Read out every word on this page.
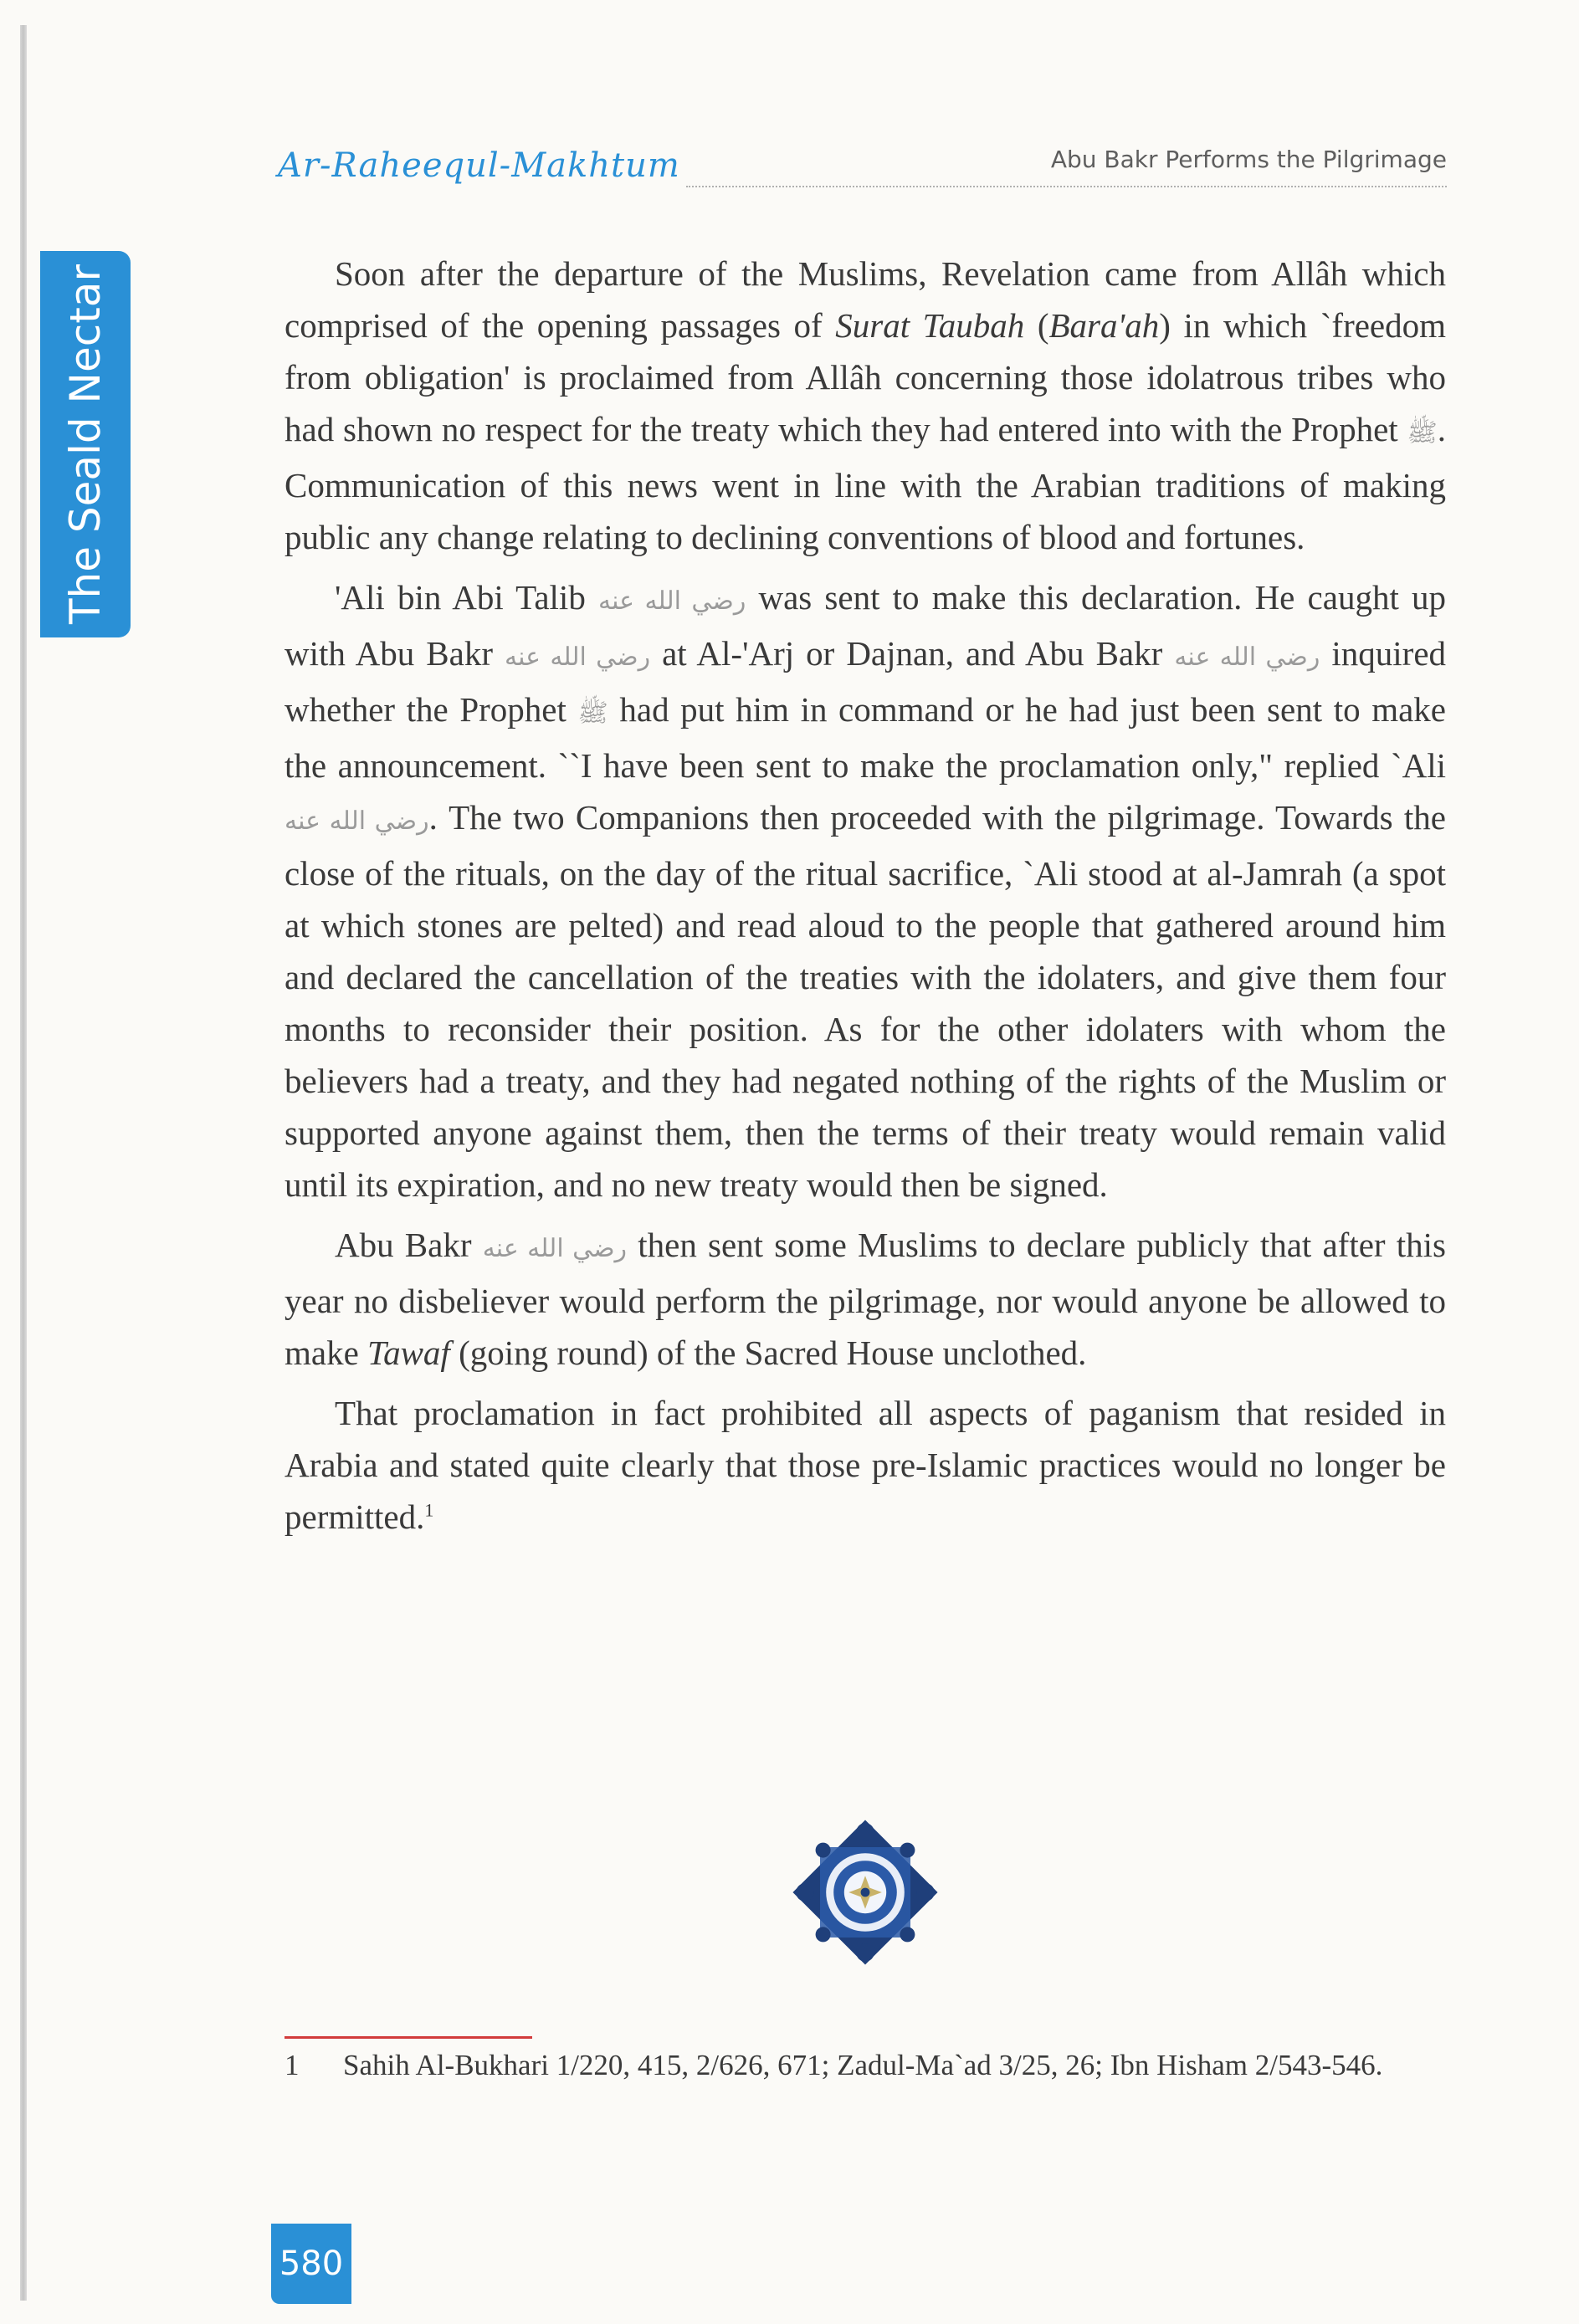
The Seald Nectar
Ar-Raheequl-Makhtum	Abu Bakr Performs the Pilgrimage

Soon after the departure of the Muslims, Revelation came from Allâh which comprised of the opening passages of Surat Taubah (Bara'ah) in which `freedom from obligation' is proclaimed from Allâh concerning those idolatrous tribes who had shown no respect for the treaty which they had entered into with the Prophet ﷺ. Communication of this news went in line with the Arabian traditions of making public any change relating to declining conventions of blood and fortunes.

'Ali bin Abi Talib رضي الله عنه was sent to make this declaration. He caught up with Abu Bakr رضي الله عنه at Al-'Arj or Dajnan, and Abu Bakr رضي الله عنه inquired whether the Prophet ﷺ had put him in command or he had just been sent to make the announcement. ``I have been sent to make the proclamation only," replied `Ali رضي الله عنه. The two Companions then proceeded with the pilgrimage. Towards the close of the rituals, on the day of the ritual sacrifice, `Ali stood at al-Jamrah (a spot at which stones are pelted) and read aloud to the people that gathered around him and declared the cancellation of the treaties with the idolaters, and give them four months to reconsider their position. As for the other idolaters with whom the believers had a treaty, and they had negated nothing of the rights of the Muslim or supported anyone against them, then the terms of their treaty would remain valid until its expiration, and no new treaty would then be signed.

Abu Bakr رضي الله عنه then sent some Muslims to declare publicly that after this year no disbeliever would perform the pilgrimage, nor would anyone be allowed to make Tawaf (going round) of the Sacred House unclothed.

That proclamation in fact prohibited all aspects of paganism that resided in Arabia and stated quite clearly that those pre-Islamic practices would no longer be permitted.$^1$

1	Sahih Al-Bukhari 1/220, 415, 2/626, 671; Zadul-Ma`ad 3/25, 26; Ibn Hisham 2/543-546.
580
